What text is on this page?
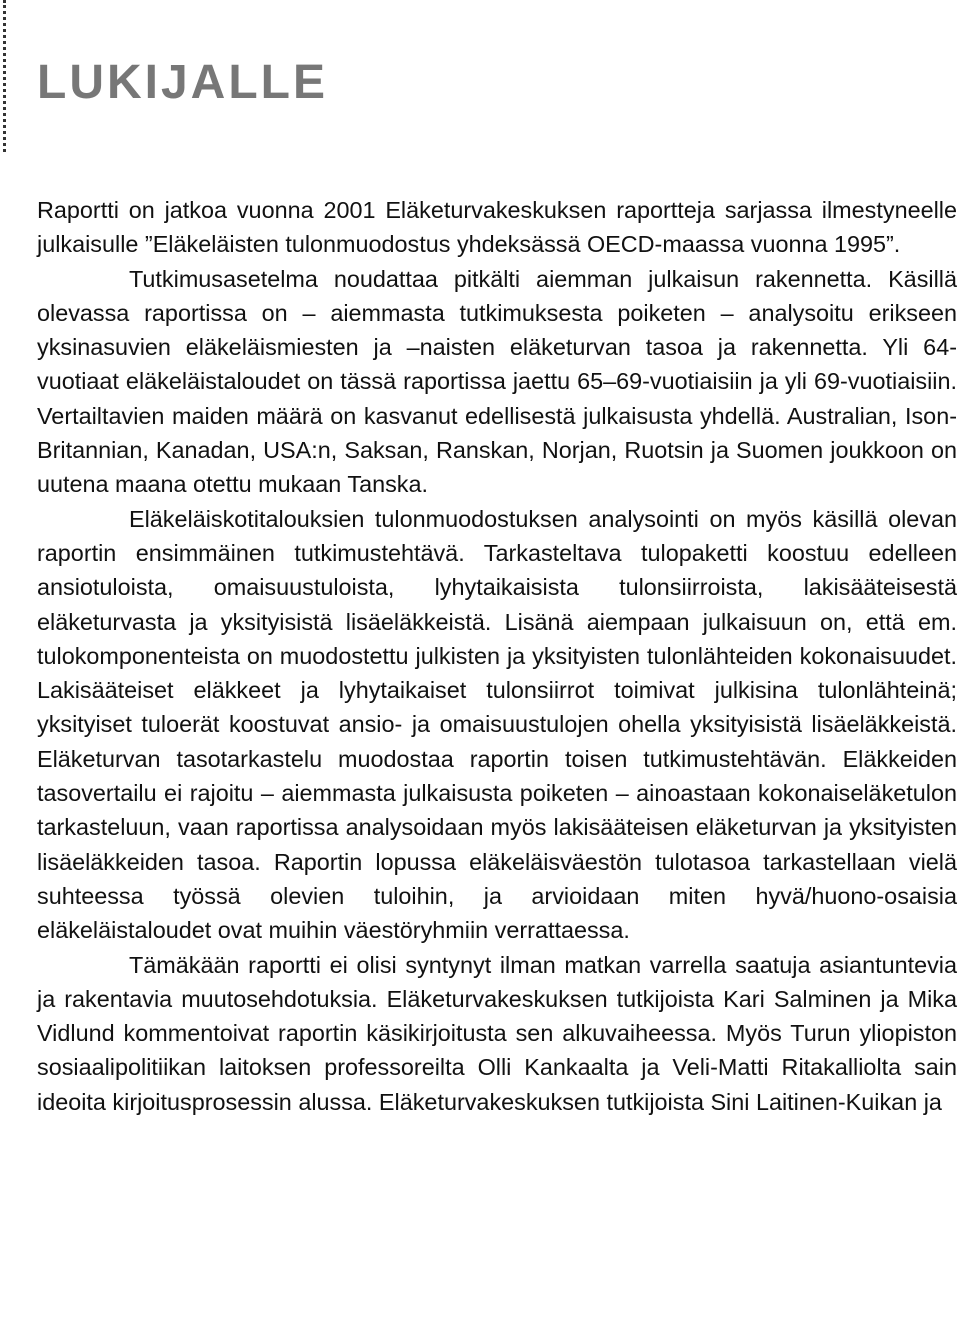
LUKIJALLE

Raportti on jatkoa vuonna 2001 Eläketurvakeskuksen raportteja sarjassa ilmestyneelle julkaisulle ”Eläkeläisten tulonmuodostus yhdeksässä OECD-maassa vuonna 1995”.

Tutkimusasetelma noudattaa pitkälti aiemman julkaisun rakennetta. Käsillä olevassa raportissa on – aiemmasta tutkimuksesta poiketen – analysoitu erikseen yksinasuvien eläkeläismiesten ja –naisten eläketurvan tasoa ja rakennetta. Yli 64-vuotiaat eläkeläistaloudet on tässä raportissa jaettu 65–69-vuotiaisiin ja yli 69-vuotiaisiin. Vertailtavien maiden määrä on kasvanut edellisestä julkaisusta yhdellä. Australian, Ison-Britannian, Kanadan, USA:n, Saksan, Ranskan, Norjan, Ruotsin ja Suomen joukkoon on uutena maana otettu mukaan Tanska.

Eläkeläiskotitalouksien tulonmuodostuksen analysointi on myös käsillä olevan raportin ensimmäinen tutkimustehtävä. Tarkasteltava tulopaketti koostuu edelleen ansiotuloista, omaisuustuloista, lyhytaikaisista tulonsiirroista, lakisääteisestä eläketurvasta ja yksityisistä lisäeläkkeistä. Lisänä aiempaan julkaisuun on, että em. tulokomponenteista on muodostettu julkisten ja yksityisten tulonlähteiden kokonaisuudet. Lakisääteiset eläkkeet ja lyhytaikaiset tulonsiirrot toimivat julkisina tulonlähteinä; yksityiset tuloerät koostuvat ansio- ja omaisuustulojen ohella yksityisistä lisäeläkkeistä. Eläketurvan tasotarkastelu muodostaa raportin toisen tutkimustehtävän. Eläkkeiden tasovertailu ei rajoitu – aiemmasta julkaisusta poiketen – ainoastaan kokonaiseläketulon tarkasteluun, vaan raportissa analysoidaan myös lakisääteisen eläketurvan ja yksityisten lisäeläkkeiden tasoa. Raportin lopussa eläkeläisväestön tulotasoa tarkastellaan vielä suhteessa työssä olevien tuloihin, ja arvioidaan miten hyvä/huono-osaisia eläkeläistaloudet ovat muihin väestöryhmiin verrattaessa.

Tämäkään raportti ei olisi syntynyt ilman matkan varrella saatuja asiantuntevia ja rakentavia muutosehdotuksia. Eläketurvakeskuksen tutkijoista Kari Salminen ja Mika Vidlund kommentoivat raportin käsikirjoitusta sen alkuvaiheessa. Myös Turun yliopiston sosiaalipolitiikan laitoksen professoreilta Olli Kankaalta ja Veli-Matti Ritakalliolta sain ideoita kirjoitusprosessin alussa. Eläketurvakeskuksen tutkijoista Sini Laitinen-Kuikan ja
